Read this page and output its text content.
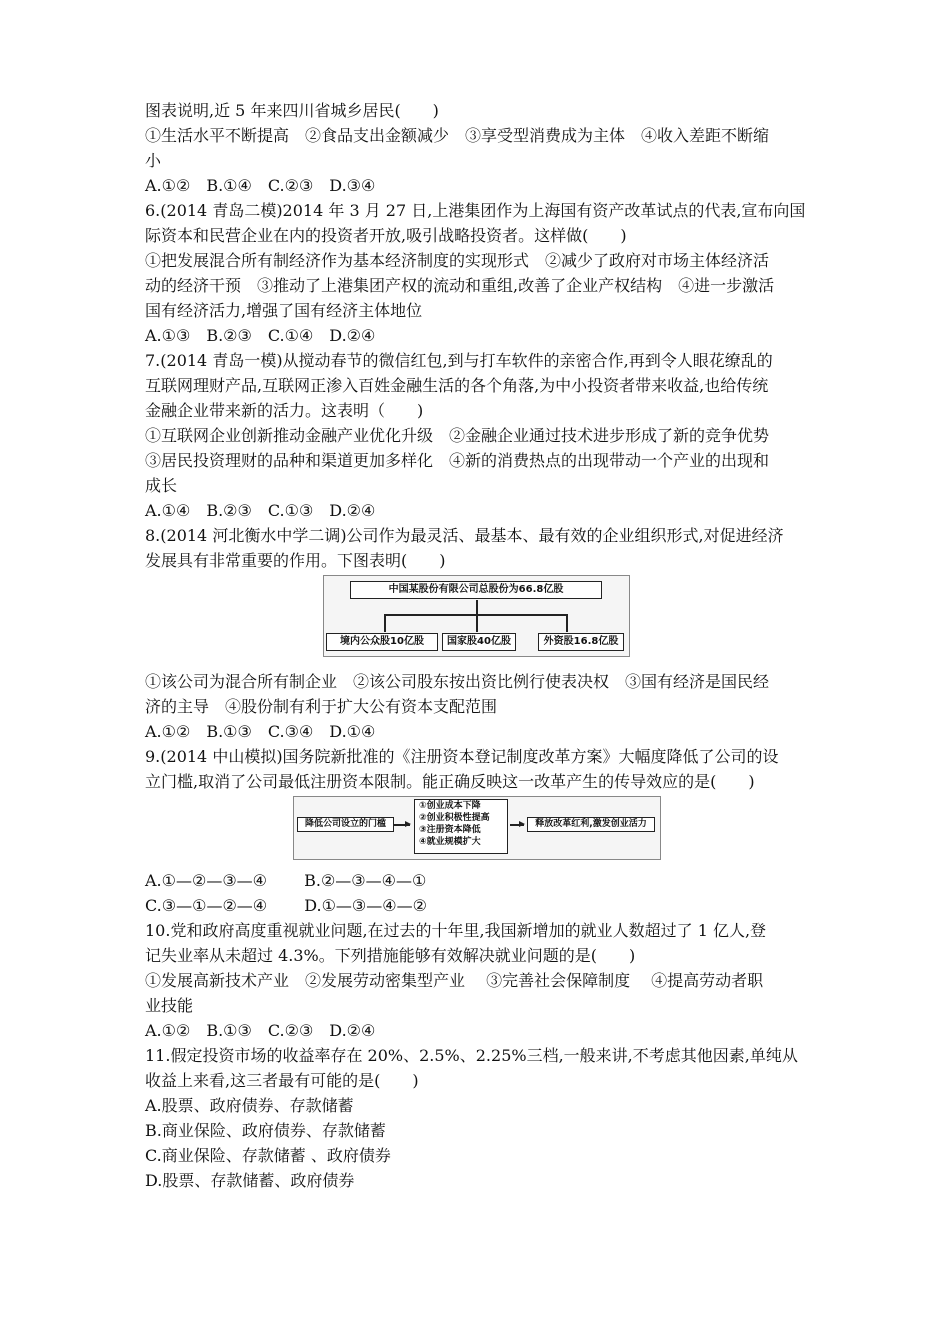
图表说明,近 5 年来四川省城乡居民(　　)
①生活水平不断提高　②食品支出金额减少　③享受型消费成为主体　④收入差距不断缩
小
A.①②　B.①④　C.②③　D.③④
6.(2014 青岛二模)2014 年 3 月 27 日,上港集团作为上海国有资产改革试点的代表,宣布向国
际资本和民营企业在内的投资者开放,吸引战略投资者。这样做(　　)
①把发展混合所有制经济作为基本经济制度的实现形式　②减少了政府对市场主体经济活
动的经济干预　③推动了上港集团产权的流动和重组,改善了企业产权结构　④进一步激活
国有经济活力,增强了国有经济主体地位
A.①③　B.②③　C.①④　D.②④
7.(2014 青岛一模)从搅动春节的微信红包,到与打车软件的亲密合作,再到令人眼花缭乱的
互联网理财产品,互联网正渗入百姓金融生活的各个角落,为中小投资者带来收益,也给传统
金融企业带来新的活力。这表明（　　)
①互联网企业创新推动金融产业优化升级　②金融企业通过技术进步形成了新的竞争优势
③居民投资理财的品种和渠道更加多样化　④新的消费热点的出现带动一个产业的出现和
成长
A.①④　B.②③　C.①③　D.②④
8.(2014 河北衡水中学二调)公司作为最灵活、最基本、最有效的企业组织形式,对促进经济
发展具有非常重要的作用。下图表明(　　)
中国某股份有限公司总股份为66.8亿股
境内公众股10亿股	国家股40亿股	外资股16.8亿股
①该公司为混合所有制企业　②该公司股东按出资比例行使表决权　③国有经济是国民经
济的主导　④股份制有利于扩大公有资本支配范围
A.①②　B.①③　C.③④　D.①④
9.(2014 中山模拟)国务院新批准的《注册资本登记制度改革方案》大幅度降低了公司的设
立门槛,取消了公司最低注册资本限制。能正确反映这一改革产生的传导效应的是(　　)
降低公司设立的门槛
①创业成本下降
②创业积极性提高
③注册资本降低
④就业规模扩大
释放改革红利,激发创业活力
A.①—②—③—④　　 B.②—③—④—①
C.③—①—②—④　　 D.①—③—④—②
10.党和政府高度重视就业问题,在过去的十年里,我国新增加的就业人数超过了 1 亿人,登
记失业率从未超过 4.3%。下列措施能够有效解决就业问题的是(　　)
①发展高新技术产业　②发展劳动密集型产业　 ③完善社会保障制度　 ④提高劳动者职
业技能
A.①②　B.①③　C.②③　D.②④
11.假定投资市场的收益率存在 20%、2.5%、2.25%三档,一般来讲,不考虑其他因素,单纯从
收益上来看,这三者最有可能的是(　　)
A.股票、政府债券、存款储蓄
B.商业保险、政府债券、存款储蓄
C.商业保险、存款储蓄 、政府债券
D.股票、存款储蓄、政府债券
